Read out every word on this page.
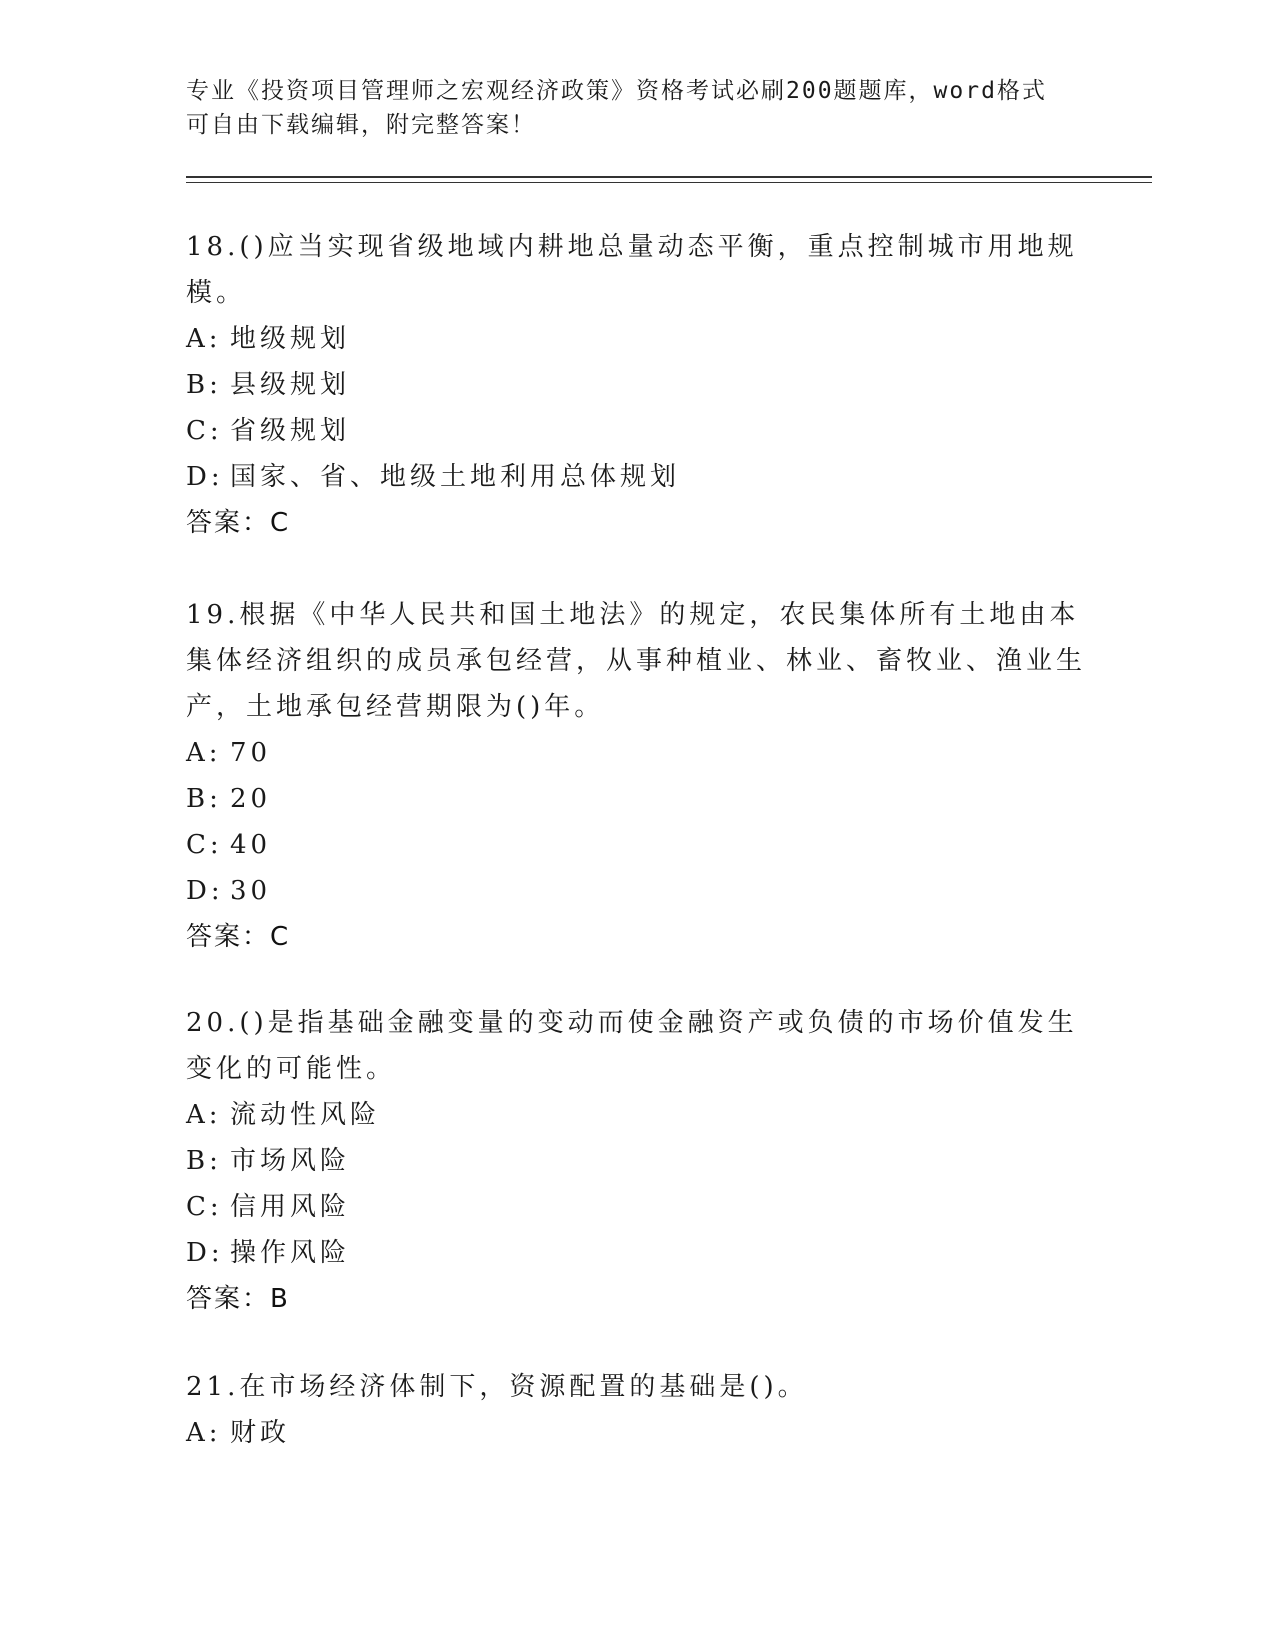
专业《投资项目管理师之宏观经济政策》资格考试必刷200题题库，word格式可自由下载编辑，附完整答案！

18.()应当实现省级地域内耕地总量动态平衡，重点控制城市用地规模。

A: 地级规划

B: 县级规划

C: 省级规划

D: 国家、省、地级土地利用总体规划

答案：C

19.根据《中华人民共和国土地法》的规定，农民集体所有土地由本集体经济组织的成员承包经营，从事种植业、林业、畜牧业、渔业生产，土地承包经营期限为()年。

A: 70

B: 20

C: 40

D: 30

答案：C

20.()是指基础金融变量的变动而使金融资产或负债的市场价值发生变化的可能性。

A: 流动性风险

B: 市场风险

C: 信用风险

D: 操作风险

答案：B

21.在市场经济体制下，资源配置的基础是()。

A: 财政
